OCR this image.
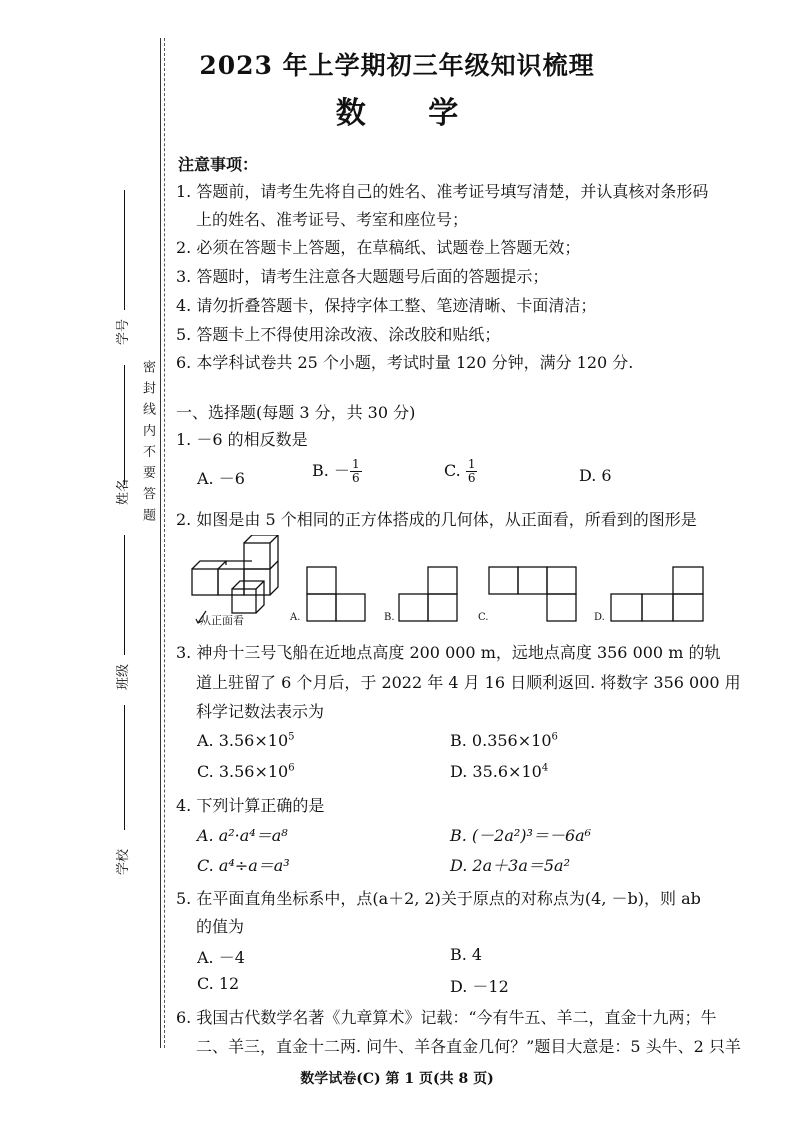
密 封 线 内 不 要 答 题
学号
姓名
班级
学校
2023 年上学期初三年级知识梳理
数 学
注意事项：
1. 答题前，请考生先将自己的姓名、准考证号填写清楚，并认真核对条形码
上的姓名、准考证号、考室和座位号；
2. 必须在答题卡上答题，在草稿纸、试题卷上答题无效；
3. 答题时，请考生注意各大题题号后面的答题提示；
4. 请勿折叠答题卡，保持字体工整、笔迹清晰、卡面清洁；
5. 答题卡上不得使用涂改液、涂改胶和贴纸；
6. 本学科试卷共 25 个小题，考试时量 120 分钟，满分 120 分.
一、选择题(每题 3 分，共 30 分)
1. －6 的相反数是
A. －6	B. － $\frac{1}{6}$	C. $\frac{1}{6}$	D. 6
2. 如图是由 5 个相同的正方体搭成的几何体，从正面看，所看到的图形是
从正面看	A.	B.	C.	D.
3. 神舟十三号飞船在近地点高度 200 000 m，远地点高度 356 000 m 的轨
道上驻留了 6 个月后，于 2022 年 4 月 16 日顺利返回. 将数字 356 000 用
科学记数法表示为
A. $3.56\times 10^5$	B. $0.356\times 10^6$
C. $3.56\times 10^6$	D. $35.6\times 10^4$
4. 下列计算正确的是
A. a²·a⁴＝a⁸	B. (－2a²)³＝－6a⁶
C. a⁴÷a＝a³	D. 2a＋3a＝5a²
5. 在平面直角坐标系中，点(a＋2, 2)关于原点的对称点为(4, －b)，则 ab
的值为
A. －4	B. 4
C. 12	D. －12
6. 我国古代数学名著《九章算术》记载：“今有牛五、羊二，直金十九两；牛
二、羊三，直金十二两. 问牛、羊各直金几何？”题目大意是：5 头牛、2 只羊
数学试卷(C) 第 1 页(共 8 页)
